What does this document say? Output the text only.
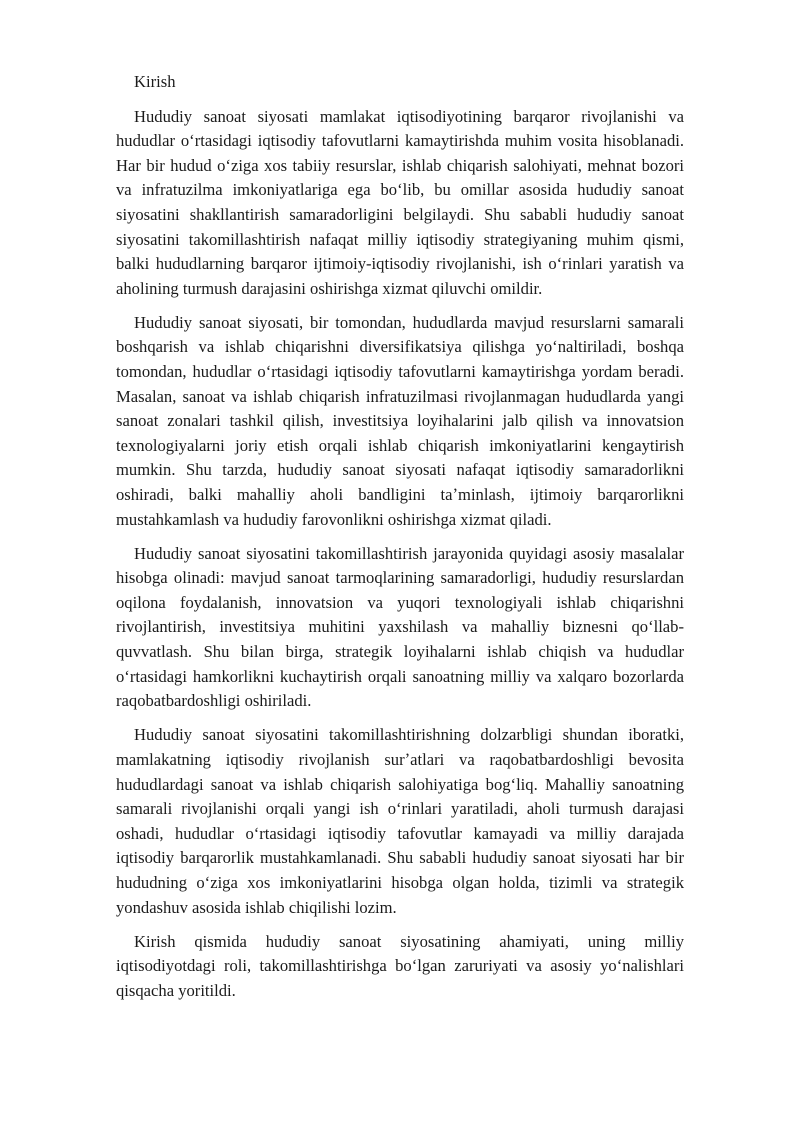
Kirish

Hududiy sanoat siyosati mamlakat iqtisodiyotining barqaror rivojlanishi va hududlar oʻrtasidagi iqtisodiy tafovutlarni kamaytirishda muhim vosita hisoblanadi. Har bir hudud oʻziga xos tabiiy resurslar, ishlab chiqarish salohiyati, mehnat bozori va infratuzilma imkoniyatlariga ega boʻlib, bu omillar asosida hududiy sanoat siyosatini shakllantirish samaradorligini belgilaydi. Shu sababli hududiy sanoat siyosatini takomillashtirish nafaqat milliy iqtisodiy strategiyaning muhim qismi, balki hududlarning barqaror ijtimoiy-iqtisodiy rivojlanishi, ish oʻrinlari yaratish va aholining turmush darajasini oshirishga xizmat qiluvchi omildir.

Hududiy sanoat siyosati, bir tomondan, hududlarda mavjud resurslarni samarali boshqarish va ishlab chiqarishni diversifikatsiya qilishga yoʻnaltiriladi, boshqa tomondan, hududlar oʻrtasidagi iqtisodiy tafovutlarni kamaytirishga yordam beradi. Masalan, sanoat va ishlab chiqarish infratuzilmasi rivojlanmagan hududlarda yangi sanoat zonalari tashkil qilish, investitsiya loyihalarini jalb qilish va innovatsion texnologiyalarni joriy etish orqali ishlab chiqarish imkoniyatlarini kengaytirish mumkin. Shu tarzda, hududiy sanoat siyosati nafaqat iqtisodiy samaradorlikni oshiradi, balki mahalliy aholi bandligini taʼminlash, ijtimoiy barqarorlikni mustahkamlash va hududiy farovonlikni oshirishga xizmat qiladi.

Hududiy sanoat siyosatini takomillashtirish jarayonida quyidagi asosiy masalalar hisobga olinadi: mavjud sanoat tarmoqlarining samaradorligi, hududiy resurslardan oqilona foydalanish, innovatsion va yuqori texnologiyali ishlab chiqarishni rivojlantirish, investitsiya muhitini yaxshilash va mahalliy biznesni qoʻllab-quvvatlash. Shu bilan birga, strategik loyihalarni ishlab chiqish va hududlar oʻrtasidagi hamkorlikni kuchaytirish orqali sanoatning milliy va xalqaro bozorlarda raqobatbardoshligi oshiriladi.

Hududiy sanoat siyosatini takomillashtirishning dolzarbligi shundan iboratki, mamlakatning iqtisodiy rivojlanish surʼatlari va raqobatbardoshligi bevosita hududlardagi sanoat va ishlab chiqarish salohiyatiga bogʻliq. Mahalliy sanoatning samarali rivojlanishi orqali yangi ish oʻrinlari yaratiladi, aholi turmush darajasi oshadi, hududlar oʻrtasidagi iqtisodiy tafovutlar kamayadi va milliy darajada iqtisodiy barqarorlik mustahkamlanadi. Shu sababli hududiy sanoat siyosati har bir hududning oʻziga xos imkoniyatlarini hisobga olgan holda, tizimli va strategik yondashuv asosida ishlab chiqilishi lozim.

Kirish qismida hududiy sanoat siyosatining ahamiyati, uning milliy iqtisodiyotdagi roli, takomillashtirishga boʻlgan zaruriyati va asosiy yoʻnalishlari qisqacha yoritildi.
